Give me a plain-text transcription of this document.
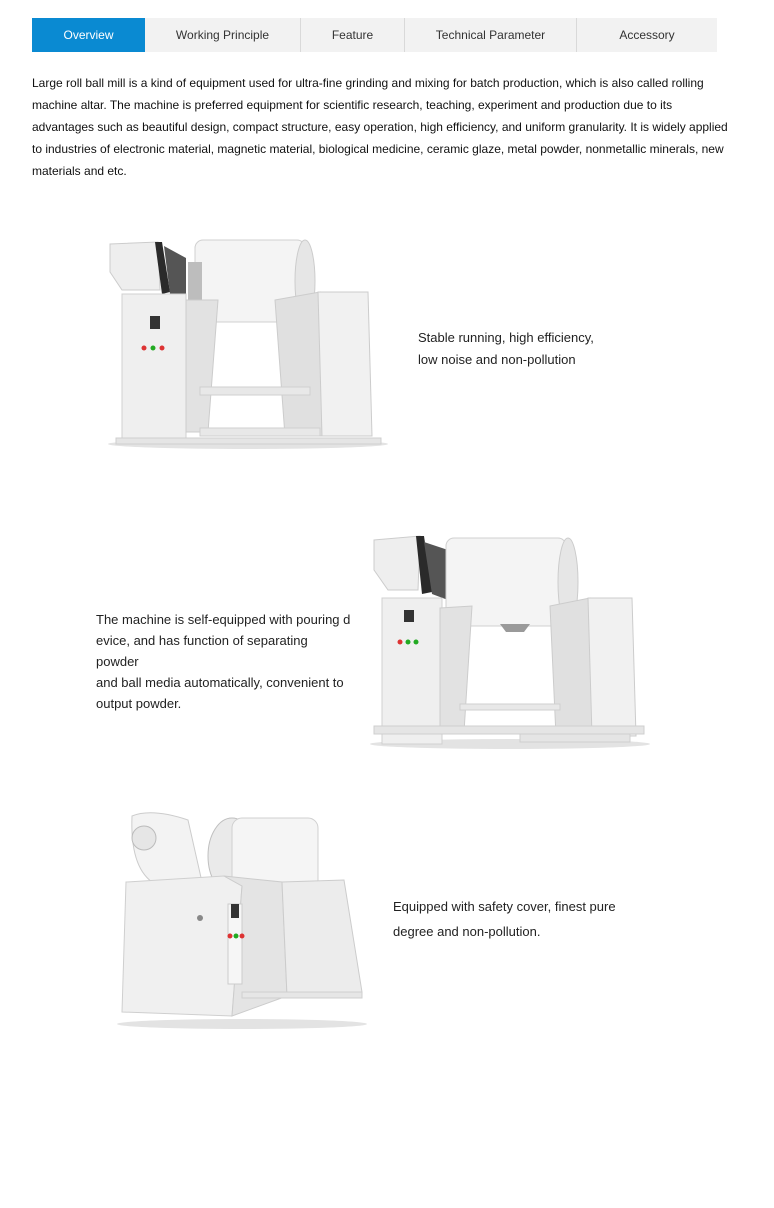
Overview	Working Principle	Feature	Technical Parameter	Accessory
Large roll ball mill is a kind of equipment used for ultra-fine grinding and mixing for batch production, which is also called rolling machine altar. The machine is preferred equipment for scientific research, teaching, experiment and production due to its advantages such as beautiful design, compact structure, easy operation, high efficiency, and uniform granularity. It is widely applied to industries of electronic material, magnetic material, biological medicine, ceramic glaze, metal powder, nonmetallic minerals, new materials and etc.
Stable running, high efficiency,
low noise and non-pollution
The machine is self-equipped with pouring d
evice, and has function of separating powder
and ball media automatically, convenient to
output powder.
Equipped with safety cover, finest pure
degree and non-pollution.
